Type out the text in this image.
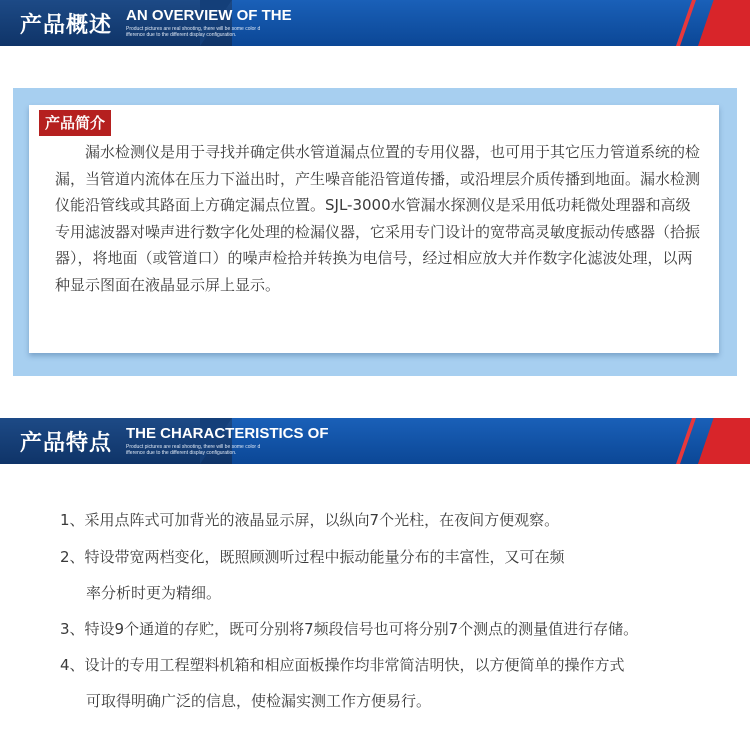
产品概述 AN OVERVIEW OF THE
Product pictures are real shooting, there will be some color d
ifference due to the different display configuration.
产品简介

漏水检测仪是用于寻找并确定供水管道漏点位置的专用仪器，也可用于其它压力管道系统的检漏，当管道内流体在压力下溢出时，产生噪音能沿管道传播，或沿埋层介质传播到地面。漏水检测仪能沿管线或其路面上方确定漏点位置。SJL-3000水管漏水探测仪是采用低功耗微处理器和高级专用滤波器对噪声进行数字化处理的检漏仪器，它采用专门设计的宽带高灵敏度振动传感器（拾振器），将地面（或管道口）的噪声检拾并转换为电信号，经过相应放大并作数字化滤波处理，以两种显示图面在液晶显示屏上显示。

产品特点 THE CHARACTERISTICS OF
Product pictures are real shooting, there will be some color d
ifference due to the different display configuration.
1、采用点阵式可加背光的液晶显示屏，以纵向7个光柱，在夜间方便观察。
2、特设带宽两档变化，既照顾测听过程中振动能量分布的丰富性，又可在频
率分析时更为精细。
3、特设9个通道的存贮，既可分别将7频段信号也可将分别7个测点的测量值进行存储。
4、设计的专用工程塑料机箱和相应面板操作均非常简洁明快，以方便简单的操作方式
可取得明确广泛的信息，使检漏实测工作方便易行。
